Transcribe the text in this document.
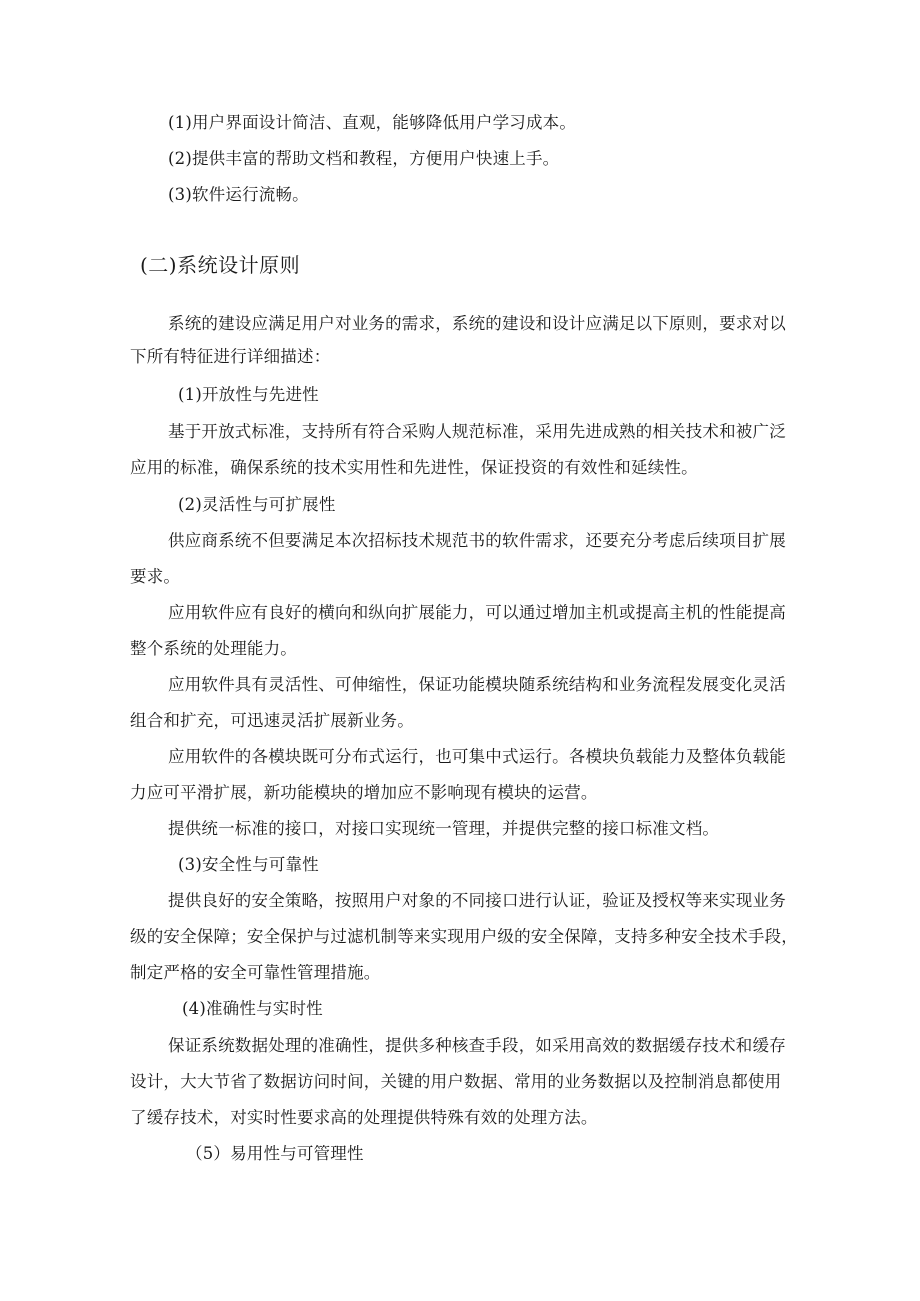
(1)用户界面设计简洁、直观，能够降低用户学习成本。
(2)提供丰富的帮助文档和教程，方便用户快速上手。
(3)软件运行流畅。
(二)系统设计原则
系统的建设应满足用户对业务的需求，系统的建设和设计应满足以下原则，要求对以
下所有特征进行详细描述：
(1)开放性与先进性
基于开放式标准，支持所有符合采购人规范标准，采用先进成熟的相关技术和被广泛
应用的标准，确保系统的技术实用性和先进性，保证投资的有效性和延续性。
(2)灵活性与可扩展性
供应商系统不但要满足本次招标技术规范书的软件需求，还要充分考虑后续项目扩展
要求。
应用软件应有良好的横向和纵向扩展能力，可以通过增加主机或提高主机的性能提高
整个系统的处理能力。
应用软件具有灵活性、可伸缩性，保证功能模块随系统结构和业务流程发展变化灵活
组合和扩充，可迅速灵活扩展新业务。
应用软件的各模块既可分布式运行，也可集中式运行。各模块负载能力及整体负载能
力应可平滑扩展，新功能模块的增加应不影响现有模块的运营。
提供统一标准的接口，对接口实现统一管理，并提供完整的接口标准文档。
(3)安全性与可靠性
提供良好的安全策略，按照用户对象的不同接口进行认证，验证及授权等来实现业务
级的安全保障；安全保护与过滤机制等来实现用户级的安全保障，支持多种安全技术手段，
制定严格的安全可靠性管理措施。
(4)准确性与实时性
保证系统数据处理的准确性，提供多种核查手段，如采用高效的数据缓存技术和缓存
设计，大大节省了数据访问时间，关键的用户数据、常用的业务数据以及控制消息都使用
了缓存技术，对实时性要求高的处理提供特殊有效的处理方法。
（5）易用性与可管理性
